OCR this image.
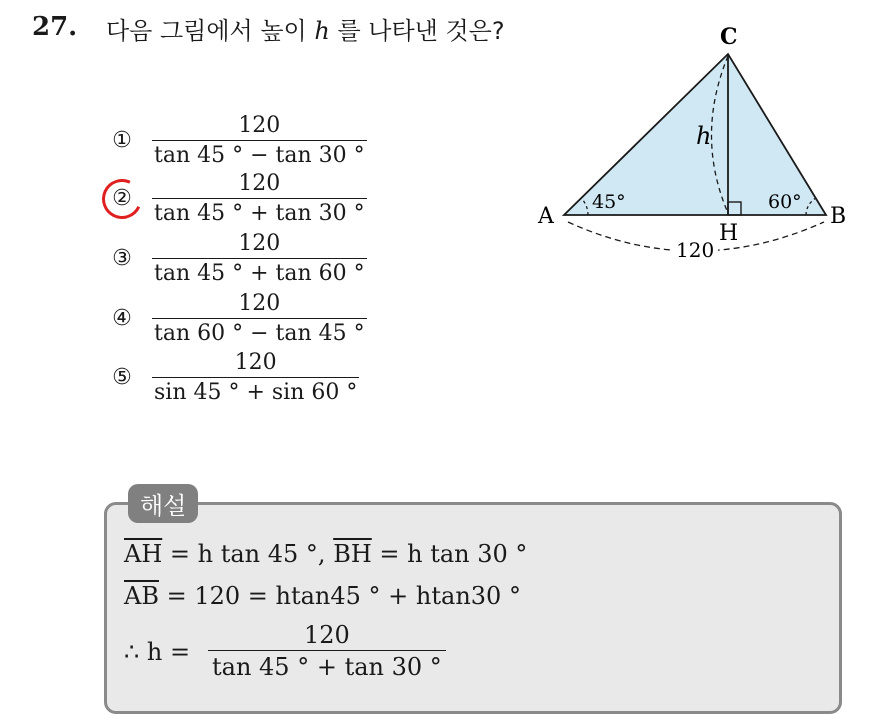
27. 다음 그림에서 높이 h 를 나타낸 것은?
① $\frac{120}{\tan 45 ^\circ - \tan 30 ^\circ}$
② $\frac{120}{\tan 45 ^\circ + \tan 30 ^\circ}$
③ $\frac{120}{\tan 45 ^\circ + \tan 60 ^\circ}$
④ $\frac{120}{\tan 60 ^\circ - \tan 45 ^\circ}$
⑤ $\frac{120}{\sin 45 ^\circ + \sin 60 ^\circ}$
C
A	B
H
h
45°	60°
120
해설
$\overline{AH} = h$ tan 45 °, $\overline{BH} = h$ tan 30 °
$\overline{AB} = 120 = htan45$ ° + htan30 °
∴ $h = \frac{120}{\tan 45 ^\circ + \tan 30 ^\circ}$
